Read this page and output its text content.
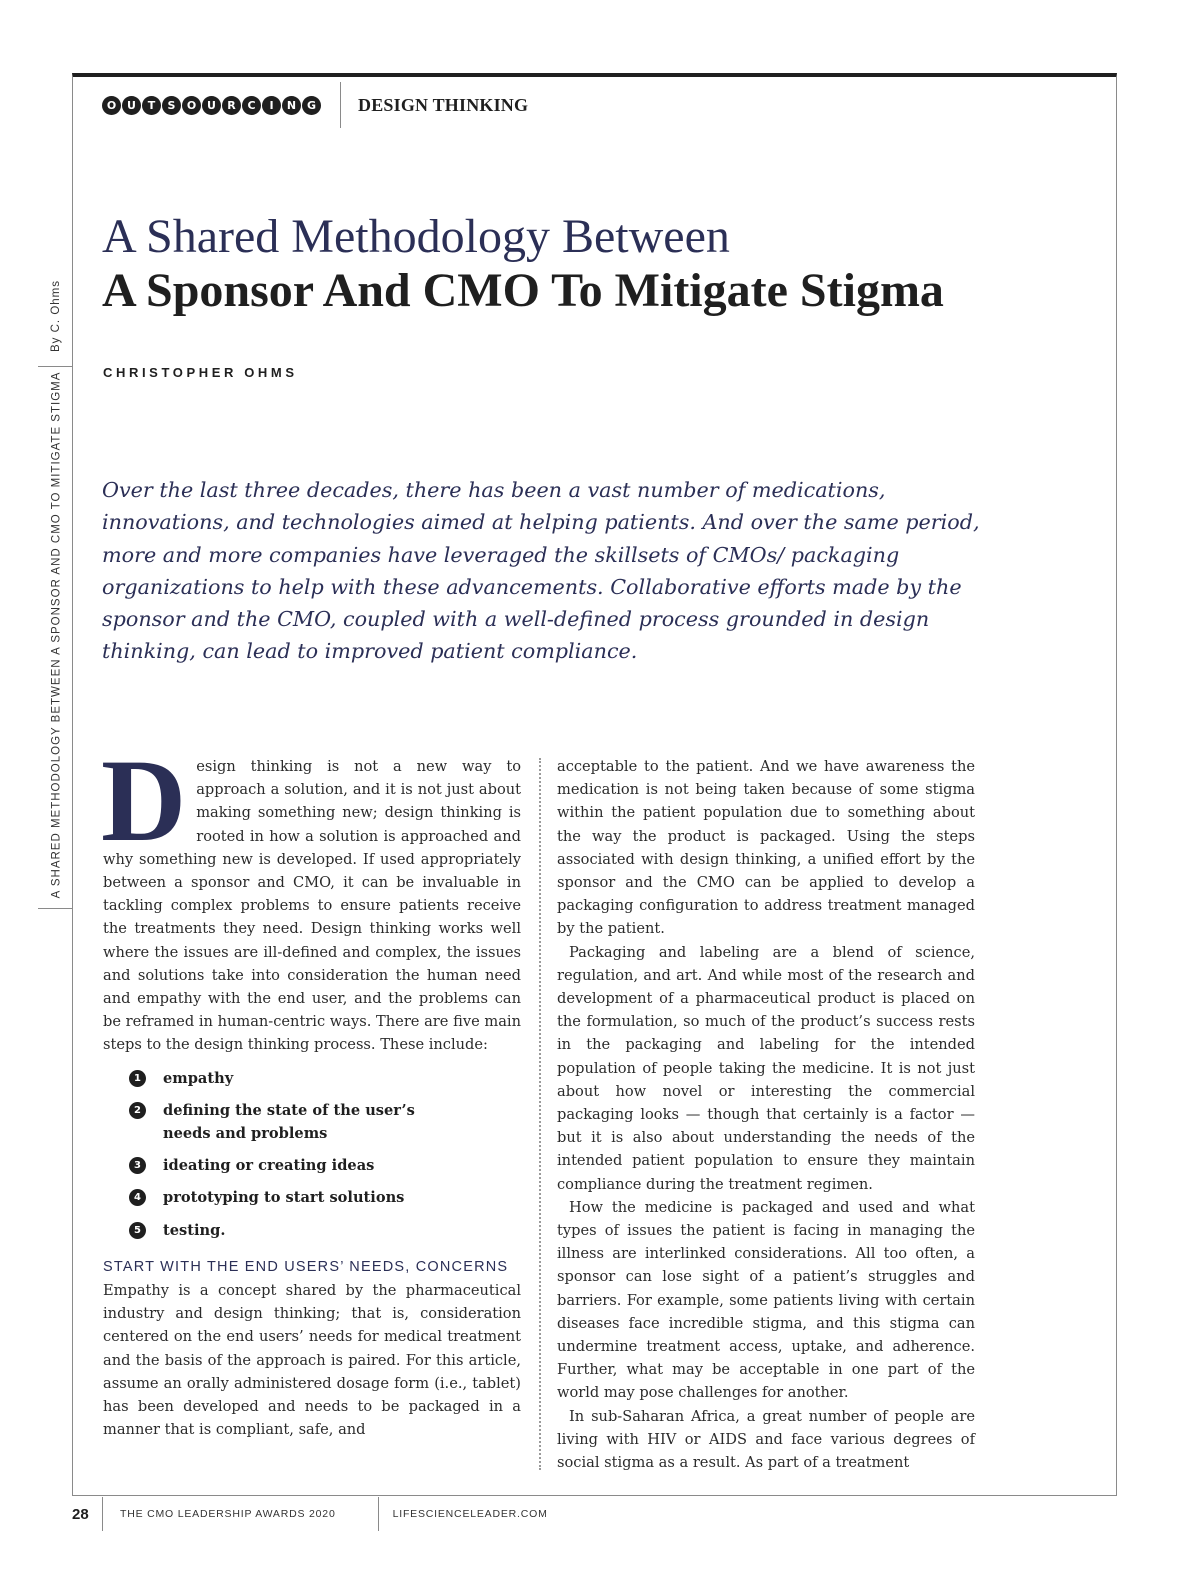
O U	T	S	O U	R	C	I	N G DESIGN THINKING
By C. Ohms
A SHARED METHODOLOGY BETWEEN A SPONSOR AND CMO TO MITIGATE STIGMA
A Shared Methodology Between
A Sponsor And CMO To Mitigate Stigma
CHRISTOPHER OHMS
Over the last three decades, there has been a vast number of medications, innovations, and technologies aimed at helping patients. And over the same period, more and more companies have leveraged the skillsets of CMOs/ packaging organizations to help with these advancements. Collaborative efforts made by the sponsor and the CMO, coupled with a well-defined process grounded in design thinking, can lead to improved patient compliance.
D esign thinking is not a new way to approach a solution, and it is not just about making something new; design thinking is rooted in how a solution is approached and why something new is developed. If used appropriately between a sponsor and CMO, it can be invaluable in tackling complex problems to ensure patients receive the treatments they need. Design thinking works well where the issues are ill-defined and complex, the issues and solutions take into consideration the human need and empathy with the end user, and the problems can be reframed in human-centric ways. There are five main steps to the design thinking process. These include:

1	empathy
2	defining the state of the user’s needs and problems
3	ideating or creating ideas
4	prototyping to start solutions
5	testing.
START WITH THE END USERS’ NEEDS, CONCERNS

Empathy is a concept shared by the pharmaceutical industry and design thinking; that is, consideration centered on the end users’ needs for medical treatment and the basis of the approach is paired. For this article, assume an orally administered dosage form (i.e., tablet) has been developed and needs to be packaged in a manner that is compliant, safe, and

acceptable to the patient. And we have awareness the medication is not being taken because of some stigma within the patient population due to something about the way the product is packaged. Using the steps associated with design thinking, a unified effort by the sponsor and the CMO can be applied to develop a packaging configuration to address treatment managed by the patient.

Packaging and labeling are a blend of science, regulation, and art. And while most of the research and development of a pharmaceutical product is placed on the formulation, so much of the product’s success rests in the packaging and labeling for the intended population of people taking the medicine. It is not just about how novel or interesting the commercial packaging looks — though that certainly is a factor — but it is also about understanding the needs of the intended patient population to ensure they maintain compliance during the treatment regimen.

How the medicine is packaged and used and what types of issues the patient is facing in managing the illness are interlinked considerations. All too often, a sponsor can lose sight of a patient’s struggles and barriers. For example, some patients living with certain diseases face incredible stigma, and this stigma can undermine treatment access, uptake, and adherence. Further, what may be acceptable in one part of the world may pose challenges for another.

In sub-Saharan Africa, a great number of people are living with HIV or AIDS and face various degrees of social stigma as a result. As part of a treatment

28	THE CMO LEADERSHIP AWARDS 2020	LIFESCIENCELEADER.COM
